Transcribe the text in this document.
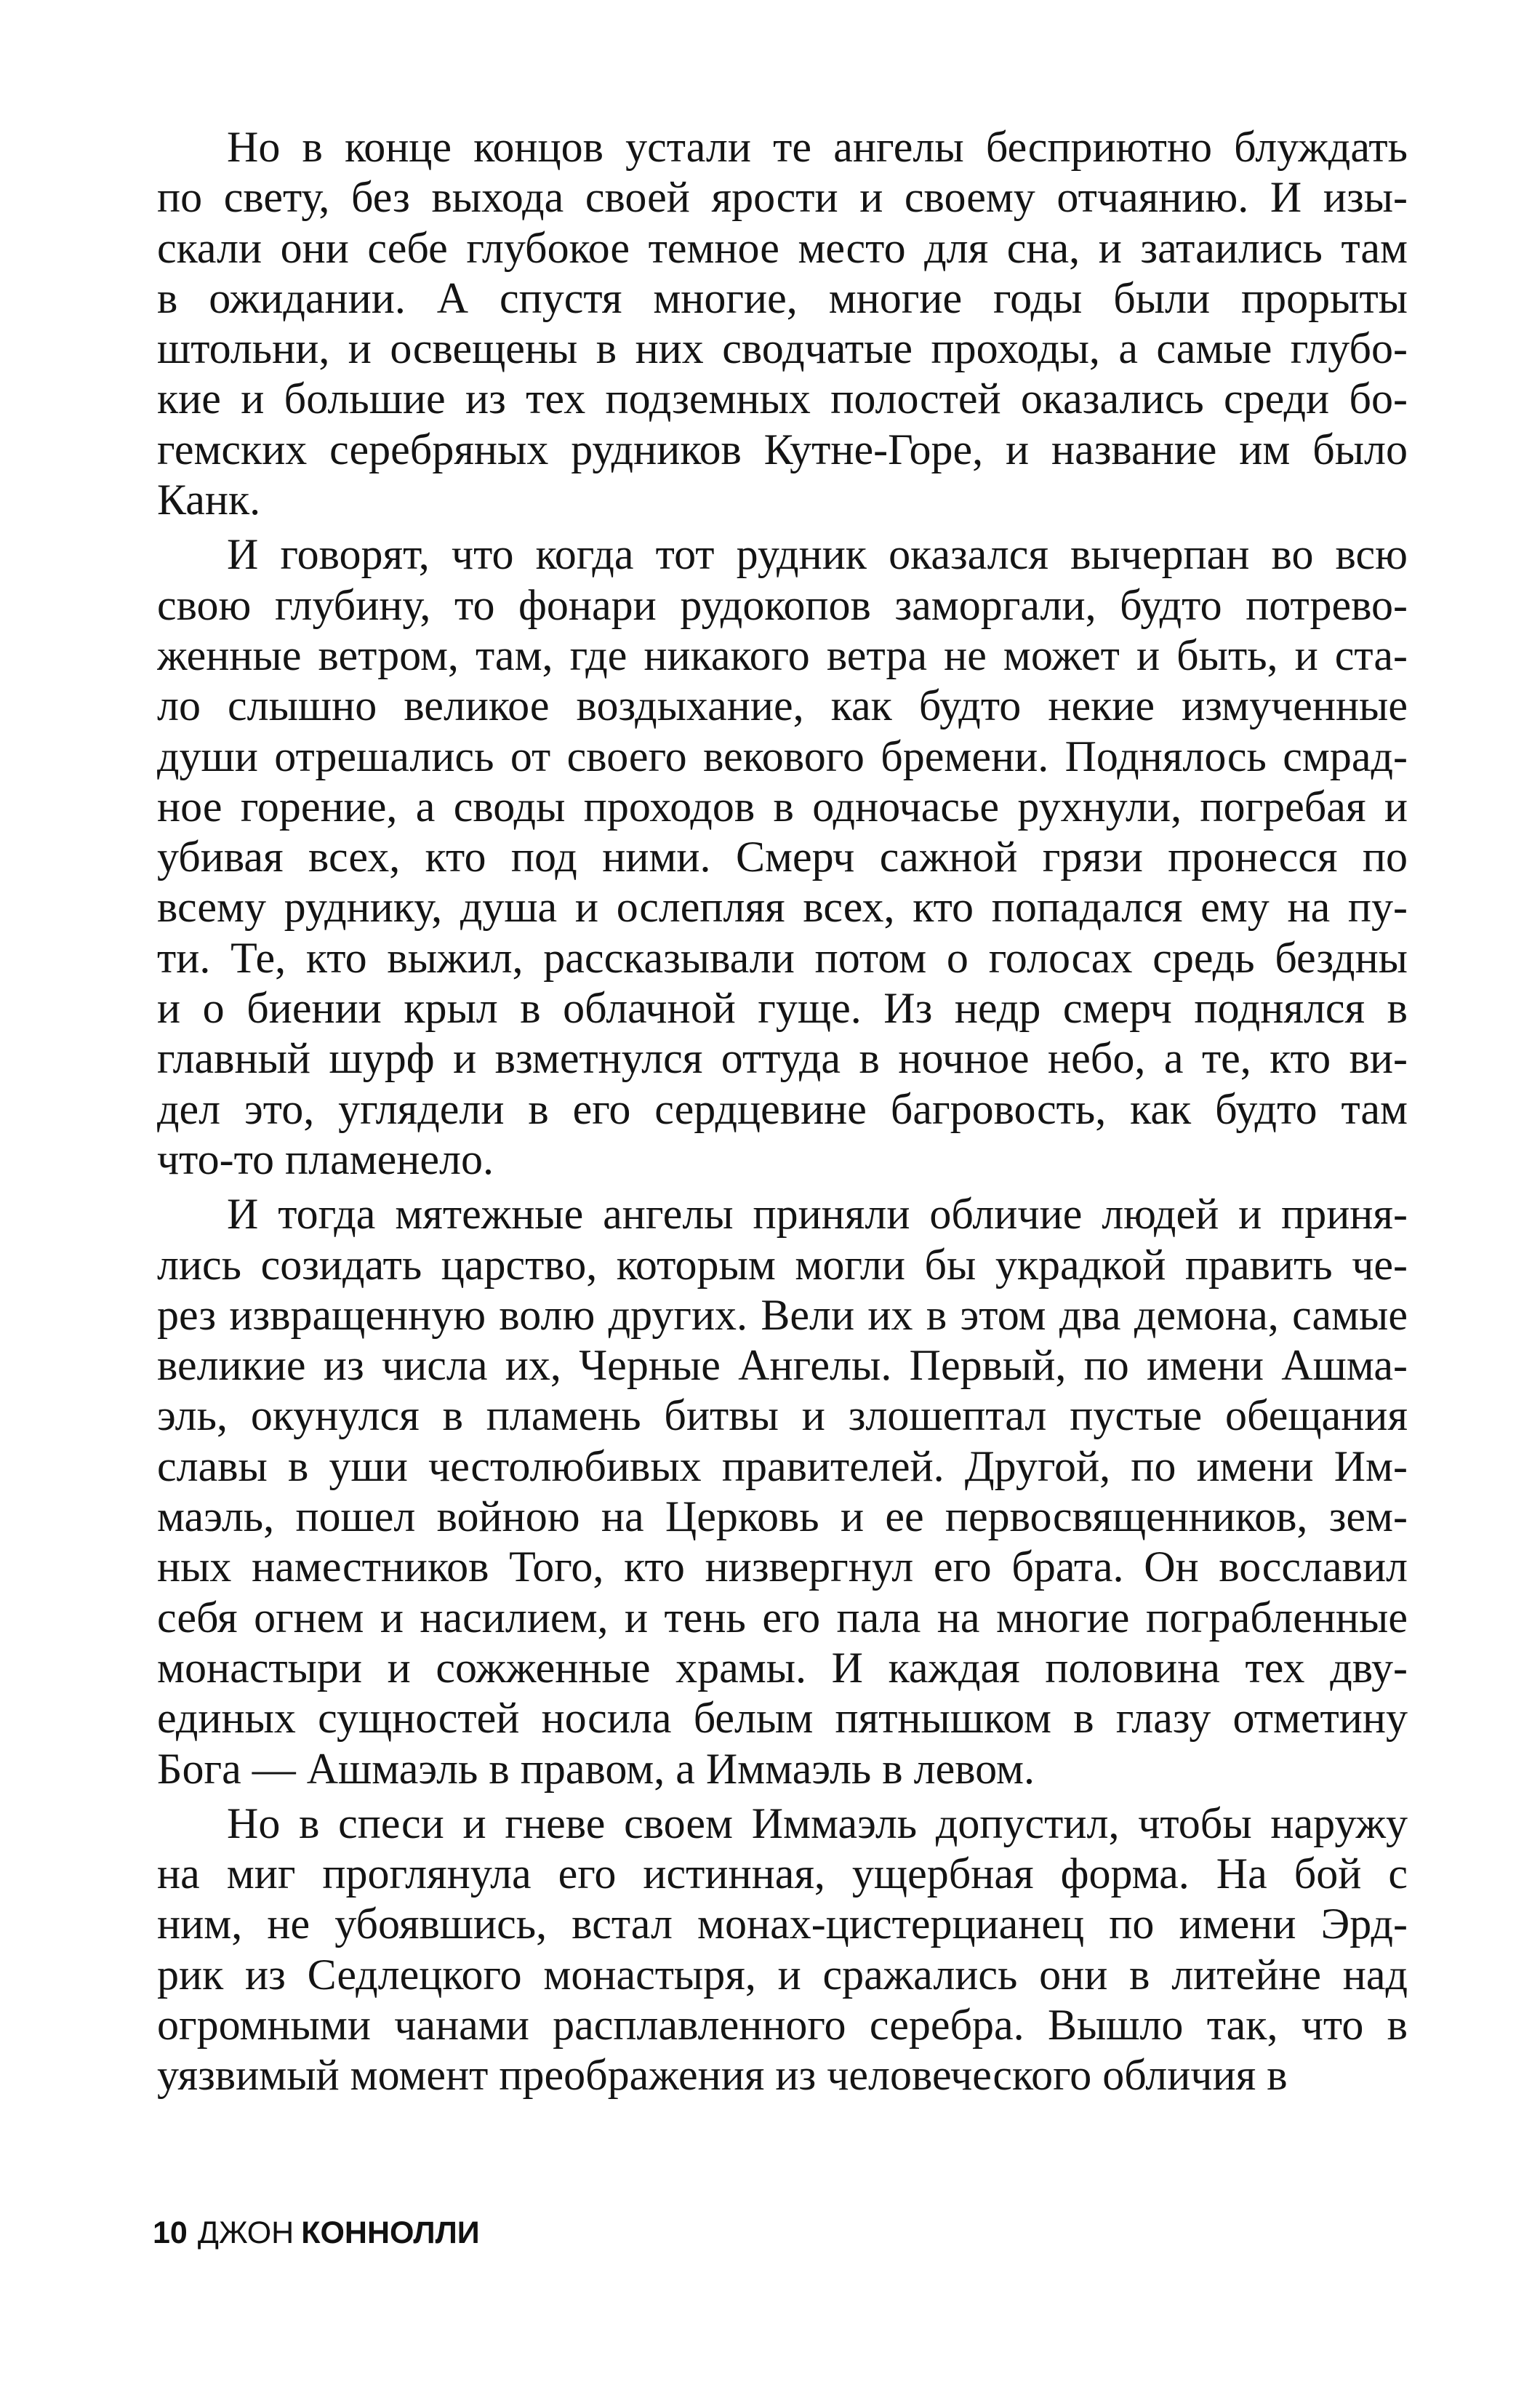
Но в конце концов устали те ангелы бесприютно блуждать
по свету, без выхода своей ярости и своему отчаянию. И изы-
скали они себе глубокое темное место для сна, и затаились там
в ожидании. А спустя многие, многие годы были прорыты
штольни, и освещены в них сводчатые проходы, а самые глубо-
кие и большие из тех подземных полостей оказались среди бо-
гемских серебряных рудников Кутне-Горе, и название им было
Канк.
И говорят, что когда тот рудник оказался вычерпан во всю
свою глубину, то фонари рудокопов заморгали, будто потрево-
женные ветром, там, где никакого ветра не может и быть, и ста-
ло слышно великое воздыхание, как будто некие измученные
души отрешались от своего векового бремени. Поднялось смрад-
ное горение, а своды проходов в одночасье рухнули, погребая и
убивая всех, кто под ними. Смерч сажной грязи пронесся по
всему руднику, душа и ослепляя всех, кто попадался ему на пу-
ти. Те, кто выжил, рассказывали потом о голосах средь бездны
и о биении крыл в облачной гуще. Из недр смерч поднялся в
главный шурф и взметнулся оттуда в ночное небо, а те, кто ви-
дел это, углядели в его сердцевине багровость, как будто там
что-то пламенело.
И тогда мятежные ангелы приняли обличие людей и приня-
лись созидать царство, которым могли бы украдкой править че-
рез извращенную волю других. Вели их в этом два демона, самые
великие из числа их, Черные Ангелы. Первый, по имени Ашма-
эль, окунулся в пламень битвы и злошептал пустые обещания
славы в уши честолюбивых правителей. Другой, по имени Им-
маэль, пошел войною на Церковь и ее первосвященников, зем-
ных наместников Того, кто низвергнул его брата. Он восславил
себя огнем и насилием, и тень его пала на многие пограбленные
монастыри и сожженные храмы. И каждая половина тех дву-
единых сущностей носила белым пятнышком в глазу отметину
Бога — Ашмаэль в правом, а Иммаэль в левом.
Но в спеси и гневе своем Иммаэль допустил, чтобы наружу
на миг проглянула его истинная, ущербная форма. На бой с
ним, не убоявшись, встал монах-цистерцианец по имени Эрд-
рик из Седлецкого монастыря, и сражались они в литейне над
огромными чанами расплавленного серебра. Вышло так, что в
уязвимый момент преображения из человеческого обличия в
10 ДЖОН КОННОЛЛИ
